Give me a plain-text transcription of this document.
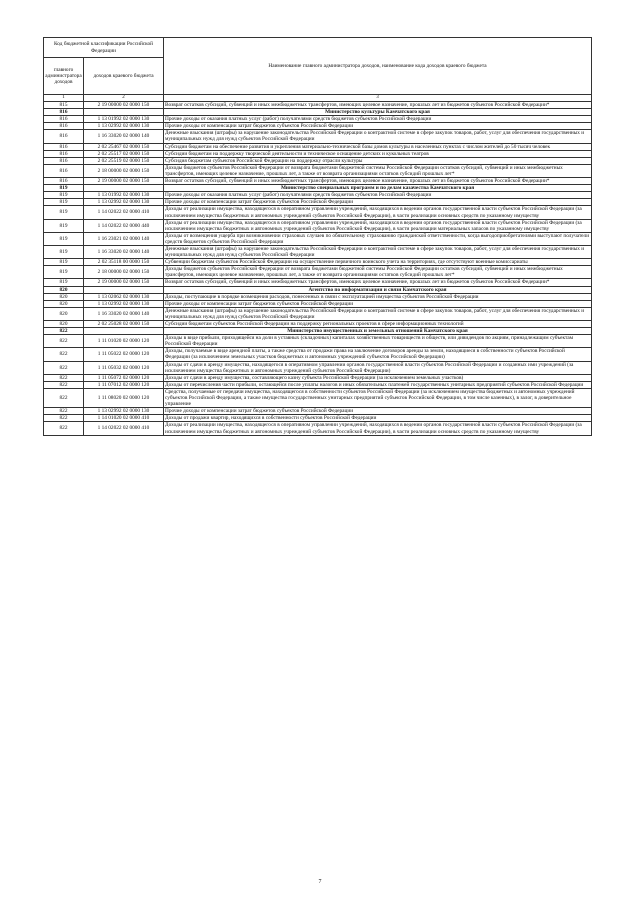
Код бюджетной классификации Российской Федерации		Наименование главного администратора доходов, наименование кода доходов краевого бюджета
главного администратора доходов	доходов краевого бюджета	
1	2	3
815	2 19 00000 02 0000 150	Возврат остатков субсидий, субвенций и иных межбюджетных трансфертов, имеющих целевое назначение, прошлых лет из бюджетов субъектов Российской Федерации*
816		Министерство культуры Камчатского края
816	1 13 01992 02 0000 130	Прочие доходы от оказания платных услуг (работ) получателями средств бюджетов субъектов Российской Федерации
816	1 13 02992 02 0000 130	Прочие доходы от компенсации затрат бюджетов субъектов Российской Федерации
816	1 16 33020 02 0000 140	Денежные взыскания (штрафы) за нарушение законодательства Российской Федерации о контрактной системе в сфере закупок товаров, работ, услуг для обеспечения государственных и муниципальных нужд для нужд субъектов Российской Федерации
816	2 02 25467 02 0000 150	Субсидии бюджетам на обеспечение развития и укрепления материально-технической базы домов культуры в населенных пунктах с числом жителей до 50 тысяч человек
816	2 02 25517 02 0000 150	Субсидии бюджетам на поддержку творческой деятельности и техническое оснащение детских и кукольных театров
816	2 02 25519 02 0000 150	Субсидия бюджетам субъектов Российской Федерации на поддержку отрасли культуры
816	2 18 00000 02 0000 150	Доходы бюджетов субъектов Российской Федерации от возврата бюджетами бюджетной системы Российской Федерации остатков субсидий, субвенций и иных межбюджетных трансфертов, имеющих целевое назначение, прошлых лет, а также от возврата организациями остатков субсидий прошлых лет*
816	2 19 00000 02 0000 150	Возврат остатков субсидий, субвенций и иных межбюджетных трансфертов, имеющих целевое назначение, прошлых лет из бюджетов субъектов Российской Федерации*
819		Министерство специальных программ и по делам казачества Камчатского края
819	1 13 01992 02 0000 130	Прочие доходы от оказания платных услуг (работ) получателями средств бюджетов субъектов Российской Федерации
819	1 13 02992 02 0000 130	Прочие доходы от компенсации затрат бюджетов субъектов Российской Федерации
819	1 14 02022 02 0000 410	Доходы от реализации имущества, находящегося в оперативном управлении учреждений, находящихся в ведении органов государственной власти субъектов Российской Федерации (за исключением имущества бюджетных и автономных учреждений субъектов Российской Федерации), в части реализации основных средств по указанному имуществу
819	1 14 02022 02 0000 440	Доходы от реализации имущества, находящегося в оперативном управлении учреждений, находящихся в ведении органов государственной власти субъектов Российской Федерации (за исключением имущества бюджетных и автономных учреждений субъектов Российской Федерации), в части реализации материальных запасов по указанному имуществу
819	1 16 23021 02 0000 140	Доходы от возмещения ущерба при возникновении страховых случаев по обязательному страхованию гражданской ответственности, когда выгодоприобретателями выступают получатели средств бюджетов субъектов Российской Федерации
819	1 16 33020 02 0000 140	Денежные взыскания (штрафы) за нарушение законодательства Российской Федерации о контрактной системе в сфере закупок товаров, работ, услуг для обеспечения государственных и муниципальных нужд для нужд субъектов Российской Федерации
819	2 02 35118 00 0000 150	Субвенции бюджетам субъектов Российской Федерации на осуществление первичного воинского учета на территориях, где отсутствуют военные комиссариаты
819	2 18 00000 02 0000 150	Доходы бюджетов субъектов Российской Федерации от возврата бюджетами бюджетной системы Российской Федерации остатков субсидий, субвенций и иных межбюджетных трансфертов, имеющих целевое назначение, прошлых лет, а также от возврата организациями остатков субсидий прошлых лет*
819	2 19 00000 02 0000 150	Возврат остатков субсидий, субвенций и иных межбюджетных трансфертов, имеющих целевое назначение, прошлых лет из бюджетов субъектов Российской Федерации*
820		Агентство по информатизации и связи Камчатского края
820	1 13 02062 02 0000 130	Доходы, поступающие в порядке возмещения расходов, понесенных в связи с эксплуатацией имущества субъектов Российской Федерации
820	1 13 02992 02 0000 130	Прочие доходы от компенсации затрат бюджетов субъектов Российской Федерации
820	1 16 33020 02 0000 140	Денежные взыскания (штрафы) за нарушение законодательства Российской Федерации о контрактной системе в сфере закупок товаров, работ, услуг для обеспечения государственных и муниципальных нужд для нужд субъектов Российской Федерации
820	2 02 25028 02 0000 150	Субсидии бюджетам субъектов Российской Федерации на поддержку региональных проектов в сфере информационных технологий
822		Министерство имущественных и земельных отношений Камчатского края
822	1 11 01020 02 0000 120	Доходы в виде прибыли, приходящейся на доли в уставных (складочных) капиталах хозяйственных товариществ и обществ, или дивидендов по акциям, принадлежащим субъектам Российской Федерации
822	1 11 05022 02 0000 120	Доходы, получаемые в виде арендной платы, а также средства от продажи права на заключение договоров аренды за земли, находящиеся в собственности субъектов Российской Федерации (за исключением земельных участков бюджетных и автономных учреждений субъектов Российской Федерации)
822	1 11 05032 02 0000 120	Доходы от сдачи в аренду имущества, находящегося в оперативном управлении органов государственной власти субъектов Российской Федерации и созданных ими учреждений (за исключением имущества бюджетных и автономных учреждений субъектов Российской Федерации)
822	1 11 05072 02 0000 120	Доходы от сдачи в аренду имущества, составляющего казну субъекта Российской Федерации (за исключением земельных участков)
822	1 11 07012 02 0000 120	Доходы от перечисления части прибыли, остающейся после уплаты налогов и иных обязательных платежей государственных унитарных предприятий субъектов Российской Федерации
822	1 11 08020 02 0000 120	Средства, получаемые от передачи имущества, находящегося в собственности субъектов Российской Федерации (за исключением имущества бюджетных и автономных учреждений субъектов Российской Федерации, а также имущества государственных унитарных предприятий субъектов Российской Федерации, в том числе казенных), в залог, в доверительное управление
822	1 13 02992 02 0000 130	Прочие доходы от компенсации затрат бюджетов субъектов Российской Федерации
822	1 14 01020 02 0000 410	Доходы от продажи квартир, находящихся в собственности субъектов Российской Федерации
822	1 14 02022 02 0000 410	Доходы от реализации имущества, находящегося в оперативном управлении учреждений, находящихся в ведении органов государственной власти субъектов Российской Федерации (за исключением имущества бюджетных и автономных учреждений субъектов Российской Федерации), в части реализации основных средств по указанному имуществу
7
